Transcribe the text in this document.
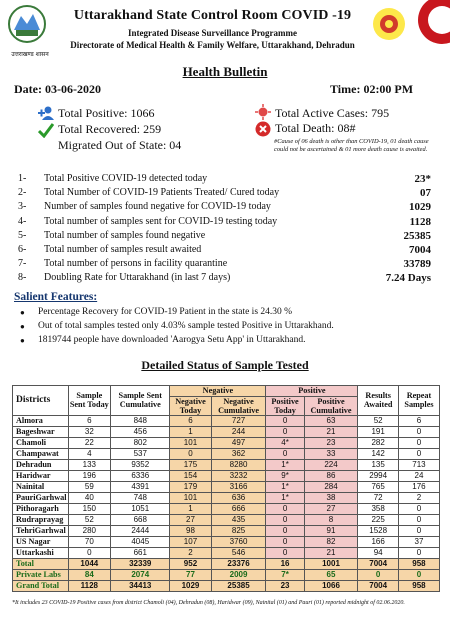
उत्तराखण्ड शासन
Uttarakhand State Control Room COVID -19
Integrated Disease Surveillance Programme
Directorate of Medical Health & Family Welfare, Uttarakhand, Dehradun
Health Bulletin
Date: 03-06-2020	Time: 02:00 PM
Total Positive: 1066
Total Recovered: 259
Migrated Out of State: 04
Total Active Cases: 795
Total Death: 08#
#Cause of 06 death is other than COVID-19, 01 death cause could not be ascertained & 01 more death cause is awaited.
1-	Total Positive COVID-19 detected today	23*
2-	Total Number of COVID-19 Patients Treated/ Cured today	07
3-	Number of samples found negative for COVID-19 today	1029
4-	Total number of samples sent for COVID-19 testing today	1128
5-	Total number of samples found negative	25385
6-	Total number of samples result awaited	7004
7-	Total number of persons in facility quarantine	33789
8-	Doubling Rate for Uttarakhand (in last 7 days)	7.24 Days
Salient Features:
● Percentage Recovery for COVID-19 Patient in the state is 24.30 %
● Out of total samples tested only 4.03% sample tested Positive in Uttarakhand.
● 1819744 people have downloaded 'Aarogya Setu App' in Uttarakhand.
Detailed Status of Sample Tested
Districts	Sample Sent Today	Sample Sent Cumulative	Negative		Positive		Results Awaited	Repeat Samples
			Negative Today	Negative Cumulative	Positive Today	Positive Cumulative		
Almora	6	848	6	727	0	63	52	6
Bageshwar	32	456	1	244	0	21	191	0
Chamoli	22	802	101	497	4*	23	282	0
Champawat	4	537	0	362	0	33	142	0
Dehradun	133	9352	175	8280	1*	224	135	713
Haridwar	196	6336	154	3232	9*	86	2994	24
Nainital	59	4391	179	3166	1*	284	765	176
PauriGarhwal	40	748	101	636	1*	38	72	2
Pithoragarh	150	1051	1	666	0	27	358	0
Rudraprayag	52	668	27	435	0	8	225	0
TehriGarhwal	280	2444	98	825	0	91	1528	0
US Nagar	70	4045	107	3760	0	82	166	37
Uttarkashi	0	661	2	546	0	21	94	0
Total	1044	32339	952	23376	16	1001	7004	958
Private Labs	84	2074	77	2009	7*	65	0	0
Grand Total	1128	34413	1029	25385	23	1066	7004	958
*It includes 23 COVID-19 Positive cases from district Chamoli (04), Dehradun (08), Haridwar (09), Nainital (01) and Pauri (01) reported midnight of 02.06.2020.
